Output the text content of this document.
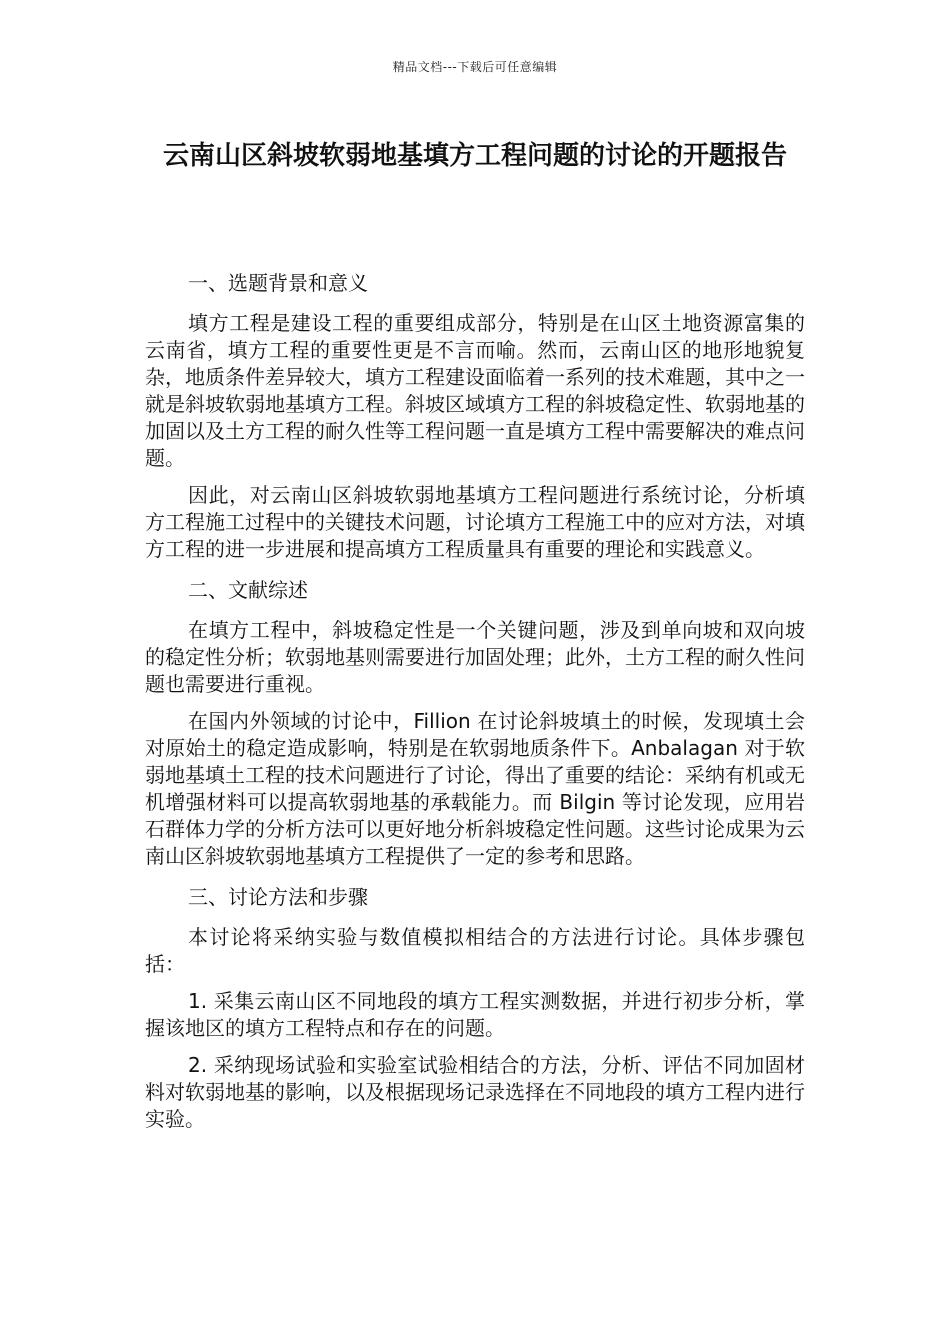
精品文档---下载后可任意编辑
云南山区斜坡软弱地基填方工程问题的讨论的开题报告

一、选题背景和意义

填方工程是建设工程的重要组成部分，特别是在山区土地资源富集的云南省，填方工程的重要性更是不言而喻。然而，云南山区的地形地貌复杂，地质条件差异较大，填方工程建设面临着一系列的技术难题，其中之一就是斜坡软弱地基填方工程。斜坡区域填方工程的斜坡稳定性、软弱地基的加固以及土方工程的耐久性等工程问题一直是填方工程中需要解决的难点问题。

因此，对云南山区斜坡软弱地基填方工程问题进行系统讨论，分析填方工程施工过程中的关键技术问题，讨论填方工程施工中的应对方法，对填方工程的进一步进展和提高填方工程质量具有重要的理论和实践意义。

二、文献综述

在填方工程中，斜坡稳定性是一个关键问题，涉及到单向坡和双向坡的稳定性分析；软弱地基则需要进行加固处理；此外，土方工程的耐久性问题也需要进行重视。

在国内外领域的讨论中，Fillion 在讨论斜坡填土的时候，发现填土会对原始土的稳定造成影响，特别是在软弱地质条件下。Anbalagan 对于软弱地基填土工程的技术问题进行了讨论，得出了重要的结论：采纳有机或无机增强材料可以提高软弱地基的承载能力。而 Bilgin 等讨论发现，应用岩石群体力学的分析方法可以更好地分析斜坡稳定性问题。这些讨论成果为云南山区斜坡软弱地基填方工程提供了一定的参考和思路。

三、讨论方法和步骤

本讨论将采纳实验与数值模拟相结合的方法进行讨论。具体步骤包括：

1. 采集云南山区不同地段的填方工程实测数据，并进行初步分析，掌握该地区的填方工程特点和存在的问题。

2. 采纳现场试验和实验室试验相结合的方法，分析、评估不同加固材料对软弱地基的影响，以及根据现场记录选择在不同地段的填方工程内进行实验。
